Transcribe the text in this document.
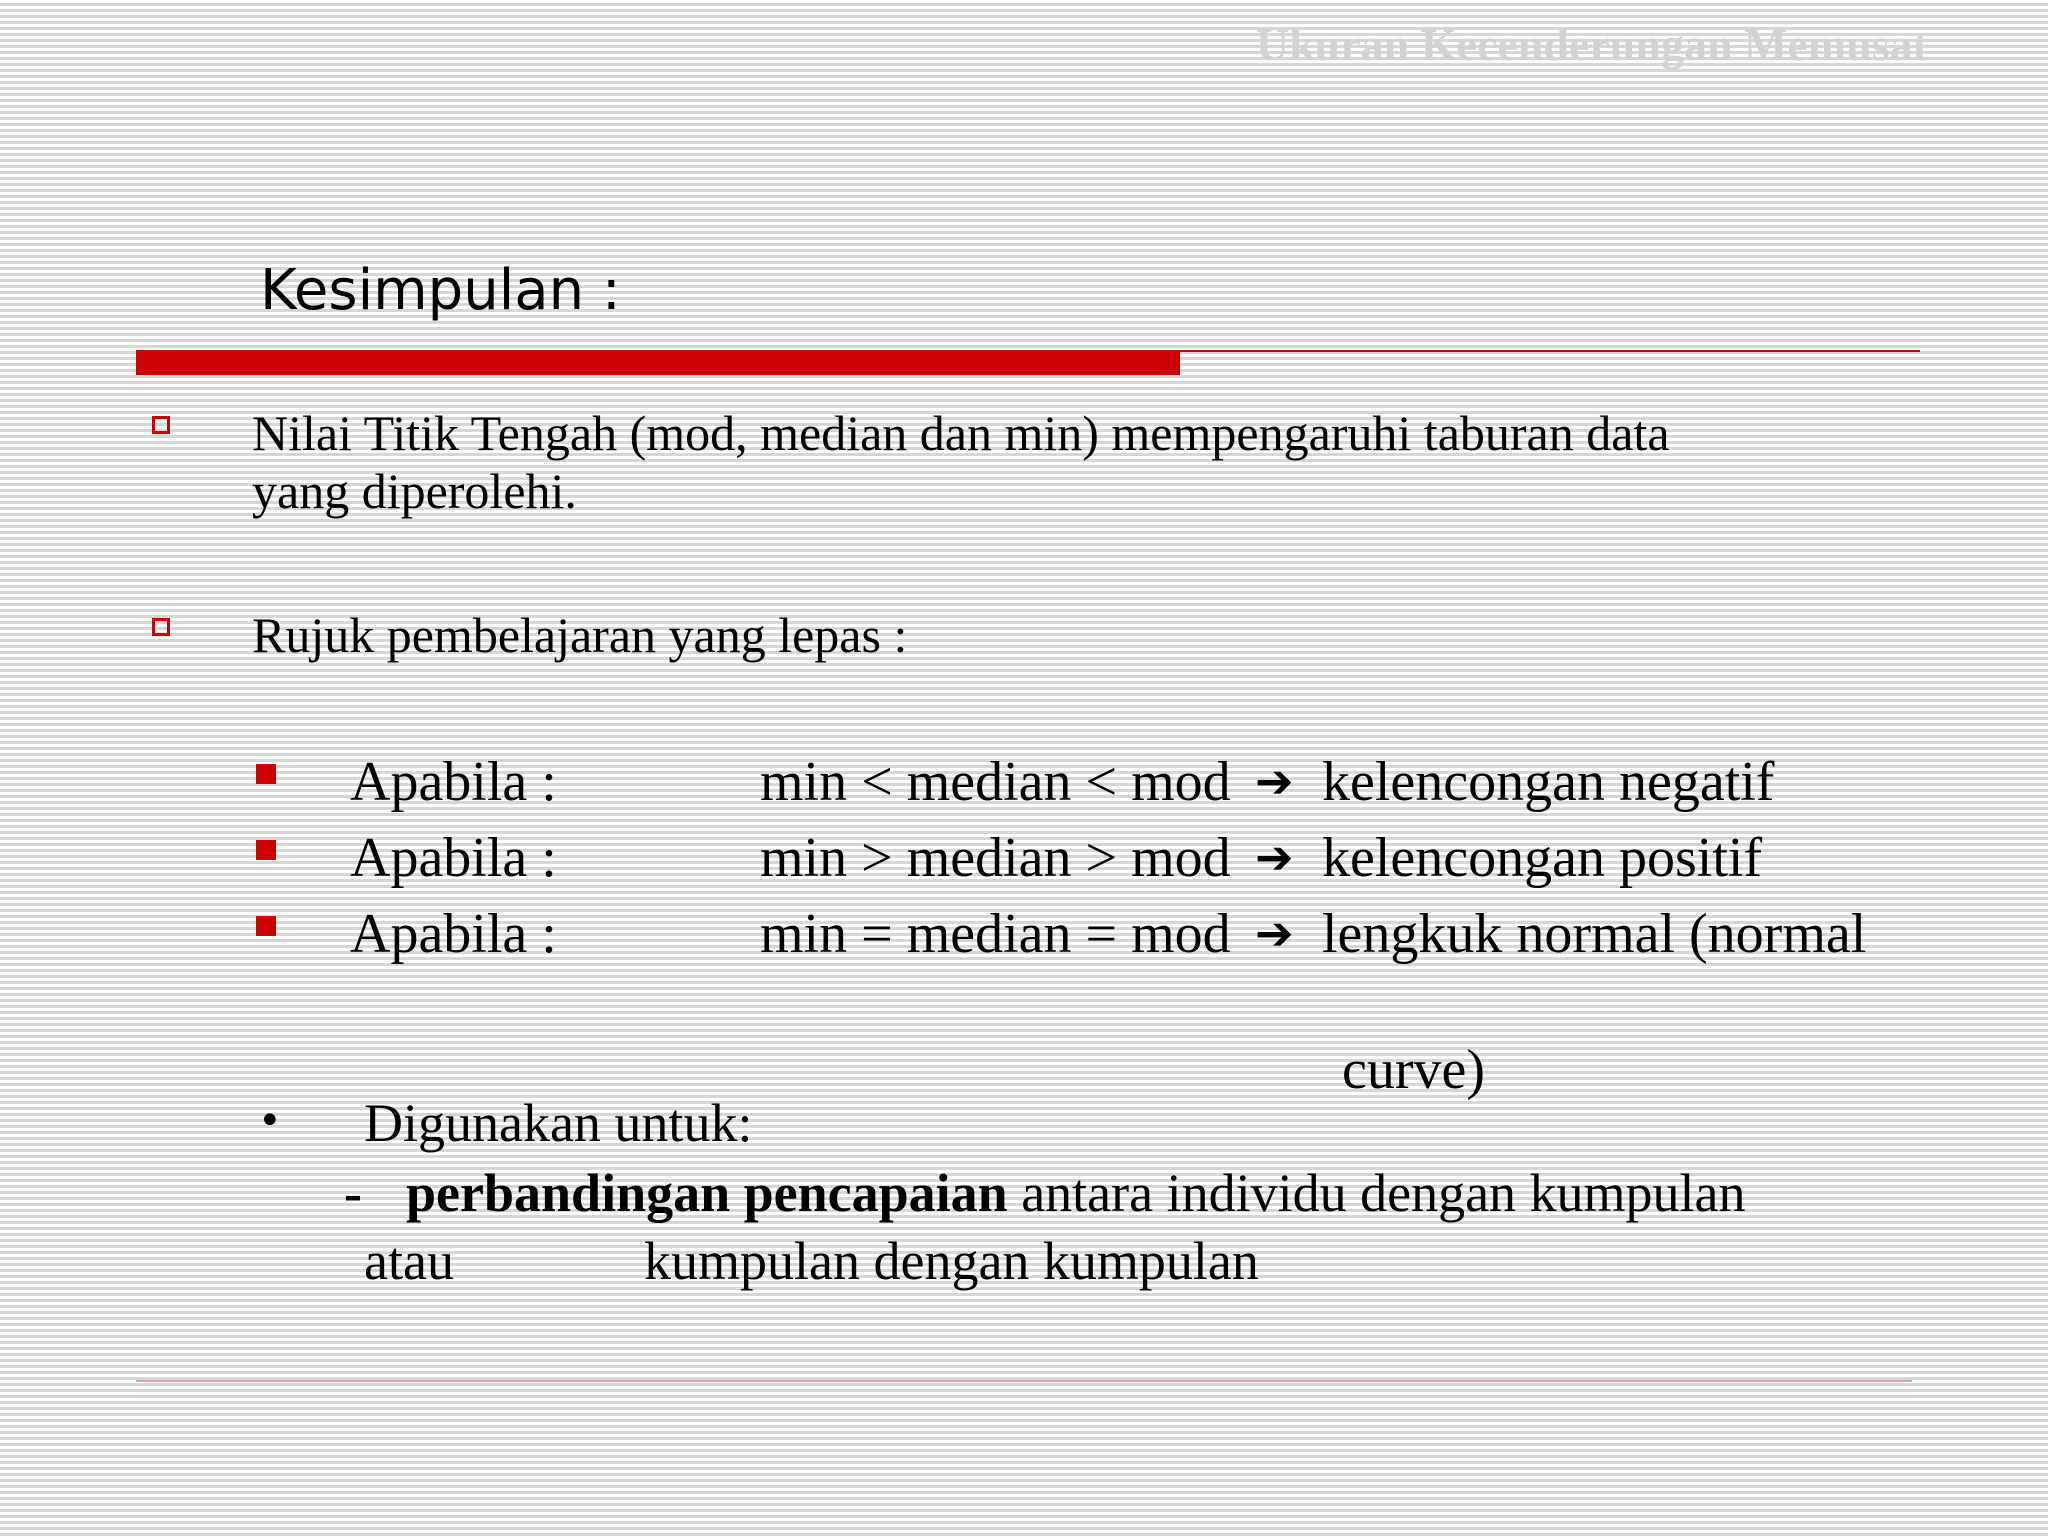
Ukuran Kecenderungan Memusat
Kesimpulan :
Nilai Titik Tengah (mod, median dan min) mempengaruhi taburan data
yang diperolehi.
Rujuk pembelajaran yang lepas :
Apabila :	min < median < mod ➔ kelencongan negatif
Apabila :	min > median > mod ➔ kelencongan positif
Apabila :	min = median = mod ➔ lengkuk normal (normal
curve)
• Digunakan untuk:
- perbandingan pencapaian antara individu dengan kumpulan
atau	kumpulan dengan kumpulan
